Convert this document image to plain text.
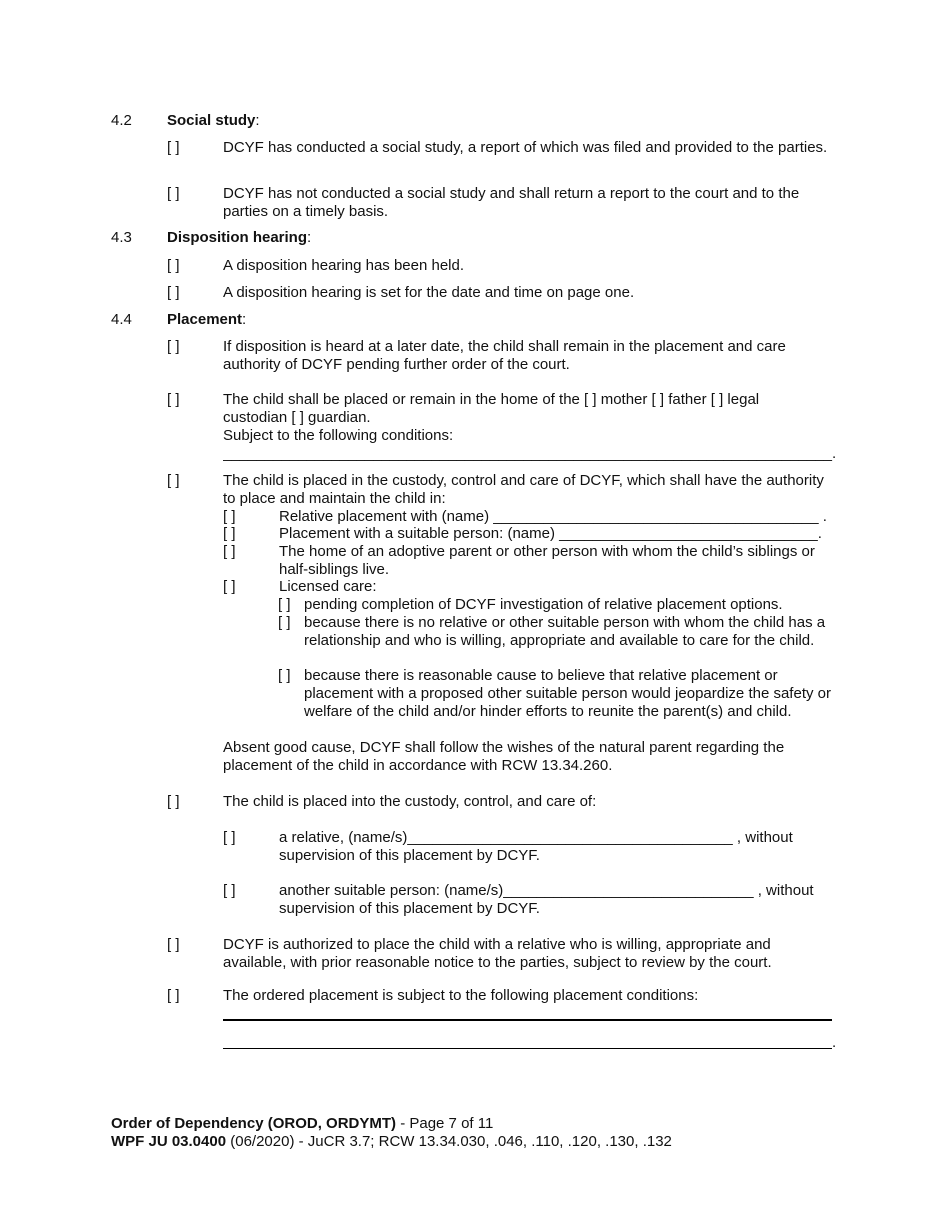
4.2 Social study:
[ ]	DCYF has conducted a social study, a report of which was filed and provided to the parties.
[ ]	DCYF has not conducted a social study and shall return a report to the court and to the parties on a timely basis.
4.3 Disposition hearing:
[ ]	A disposition hearing has been held.
[ ]	A disposition hearing is set for the date and time on page one.
4.4 Placement:
[ ]	If disposition is heard at a later date, the child shall remain in the placement and care authority of DCYF pending further order of the court.
[ ]	The child shall be placed or remain in the home of the [ ] mother [ ] father [ ] legal
custodian [ ] guardian.
Subject to the following conditions:
_________________________________________________________________________.
[ ]	The child is placed in the custody, control and care of DCYF, which shall have the authority to place and maintain the child in:
[ ]	Relative placement with (name) _______________________________________ .
[ ]	Placement with a suitable person: (name) _______________________________.
[ ]	The home of an adoptive parent or other person with whom the child’s siblings or half-siblings live.
[ ]	Licensed care:
[ ] pending completion of DCYF investigation of relative placement options.
[ ] because there is no relative or other suitable person with whom the child has a relationship and who is willing, appropriate and available to care for the child.
[ ] because there is reasonable cause to believe that relative placement or placement with a proposed other suitable person would jeopardize the safety or welfare of the child and/or hinder efforts to reunite the parent(s) and child.
Absent good cause, DCYF shall follow the wishes of the natural parent regarding the placement of the child in accordance with RCW 13.34.260.
[ ]	The child is placed into the custody, control, and care of:
[ ]	a relative, (name/s)_______________________________________ , without
supervision of this placement by DCYF.
[ ]	another suitable person: (name/s)______________________________ , without
supervision of this placement by DCYF.
[ ]	DCYF is authorized to place the child with a relative who is willing, appropriate and available, with prior reasonable notice to the parties, subject to review by the court.
[ ]	The ordered placement is subject to the following placement conditions:
.
Order of Dependency (OROD, ORDYMT) - Page 7 of 11
WPF JU 03.0400 (06/2020) - JuCR 3.7; RCW 13.34.030, .046, .110, .120, .130, .132
